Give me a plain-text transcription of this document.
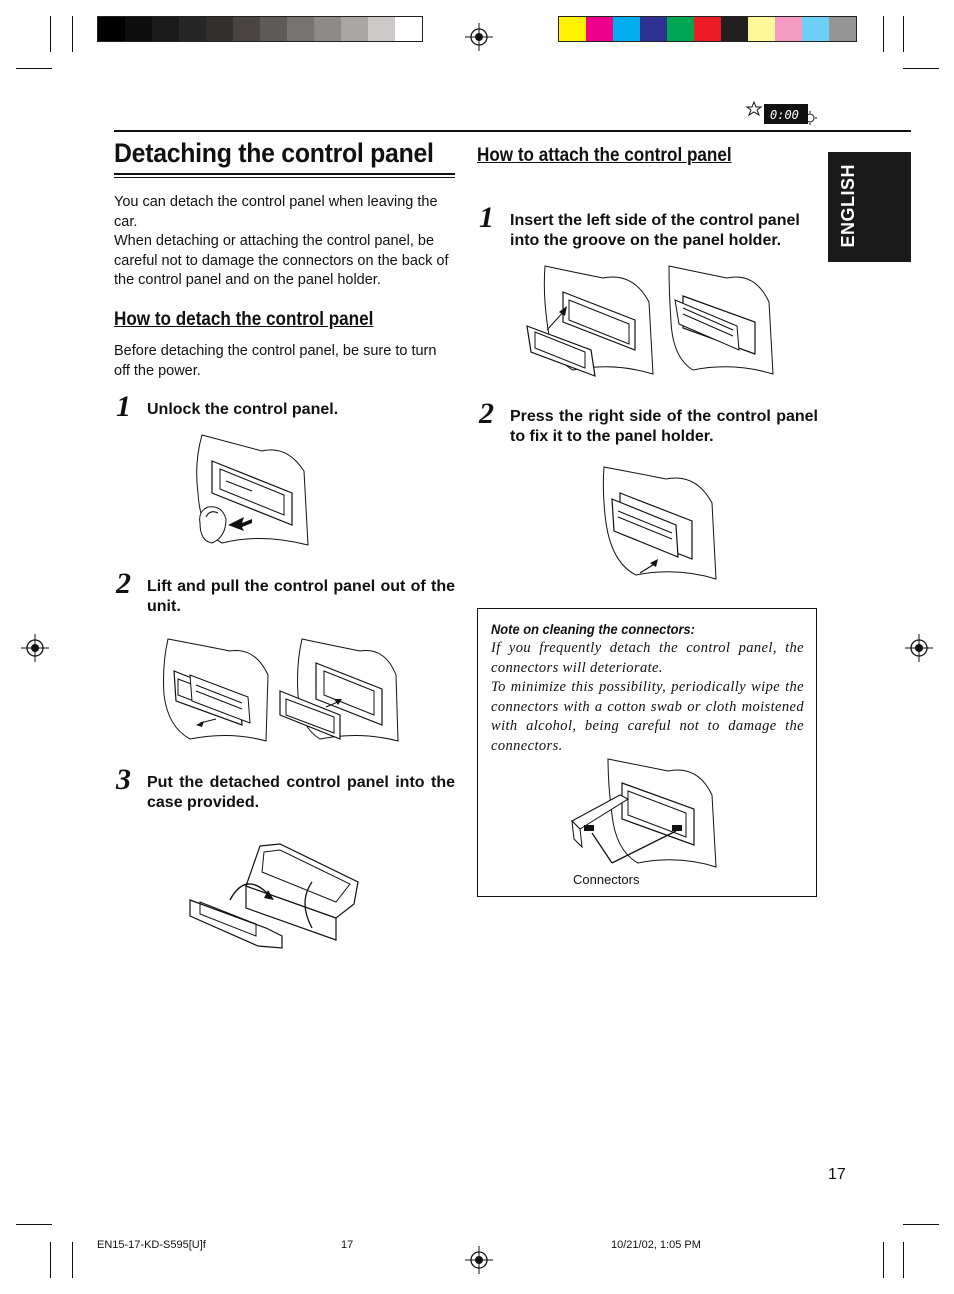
0:00
ENGLISH
Detaching the control panel
You can detach the control panel when leaving the car.
When detaching or attaching the control panel, be careful not to damage the connectors on the back of the control panel and on the panel holder.
How to detach the control panel
Before detaching the control panel, be sure to turn off the power.
1 Unlock the control panel.
2 Lift and pull the control panel out of the unit.
3 Put the detached control panel into the case provided.
How to attach the control panel
1 Insert the left side of the control panel into the groove on the panel holder.
2 Press the right side of the control panel to fix it to the panel holder.
Note on cleaning the connectors:
If you frequently detach the control panel, the connectors will deteriorate.
To minimize this possibility, periodically wipe the connectors with a cotton swab or cloth moistened with alcohol, being careful not to damage the connectors.
Connectors
17
EN15-17-KD-S595[U]f	17	10/21/02, 1:05 PM
